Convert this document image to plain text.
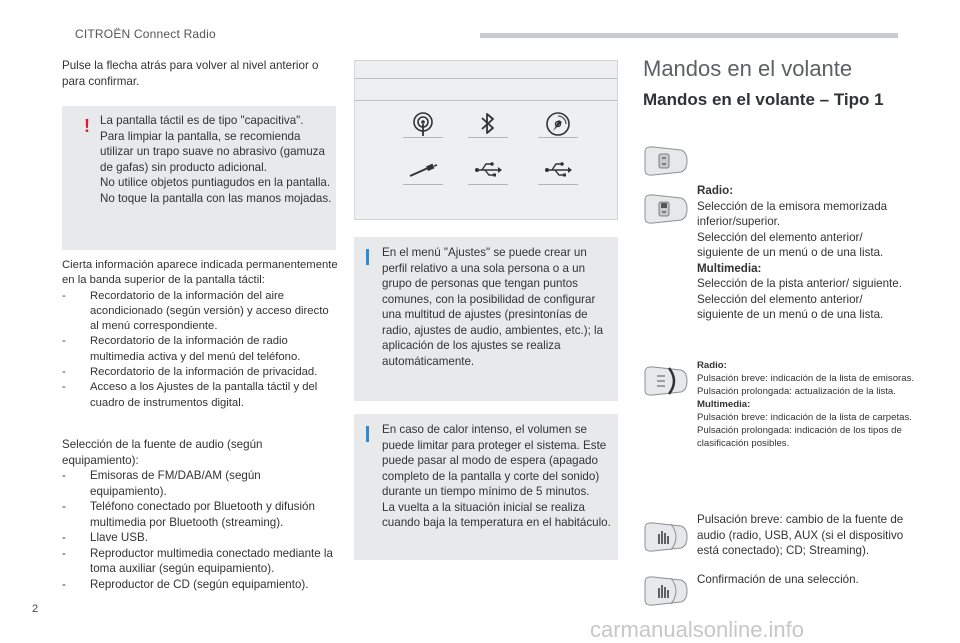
CITROËN Connect Radio
Pulse la flecha atrás para volver al nivel anterior o para confirmar.
! La pantalla táctil es de tipo "capacitiva".
Para limpiar la pantalla, se recomienda utilizar un trapo suave no abrasivo (gamuza de gafas) sin producto adicional.
No utilice objetos puntiagudos en la pantalla.
No toque la pantalla con las manos mojadas.
Cierta información aparece indicada permanentemente en la banda superior de la pantalla táctil:
- Recordatorio de la información del aire acondicionado (según versión) y acceso directo al menú correspondiente.
- Recordatorio de la información de radio multimedia activa y del menú del teléfono.
- Recordatorio de la información de privacidad.
- Acceso a los Ajustes de la pantalla táctil y del cuadro de instrumentos digital.
Selección de la fuente de audio (según equipamiento):
- Emisoras de FM/DAB/AM (según equipamiento).
- Teléfono conectado por Bluetooth y difusión multimedia por Bluetooth (streaming).
- Llave USB.
- Reproductor multimedia conectado mediante la toma auxiliar (según equipamiento).
- Reproductor de CD (según equipamiento).
En el menú "Ajustes" se puede crear un perfil relativo a una sola persona o a un grupo de personas que tengan puntos comunes, con la posibilidad de configurar una multitud de ajustes (presintonías de radio, ajustes de audio, ambientes, etc.); la aplicación de los ajustes se realiza automáticamente.
En caso de calor intenso, el volumen se puede limitar para proteger el sistema. Este puede pasar al modo de espera (apagado completo de la pantalla y corte del sonido) durante un tiempo mínimo de 5 minutos.
La vuelta a la situación inicial se realiza cuando baja la temperatura en el habitáculo.
Mandos en el volante
Mandos en el volante – Tipo 1
Radio:
Selección de la emisora memorizada inferior/superior.
Selección del elemento anterior/ siguiente de un menú o de una lista.
Multimedia:
Selección de la pista anterior/ siguiente.
Selección del elemento anterior/ siguiente de un menú o de una lista.
Radio:
Pulsación breve: indicación de la lista de emisoras.
Pulsación prolongada: actualización de la lista.
Multimedia:
Pulsación breve: indicación de la lista de carpetas.
Pulsación prolongada: indicación de los tipos de clasificación posibles.
Pulsación breve: cambio de la fuente de audio (radio, USB, AUX (si el dispositivo está conectado); CD; Streaming).
Confirmación de una selección.
2
carmanualsonline.info
